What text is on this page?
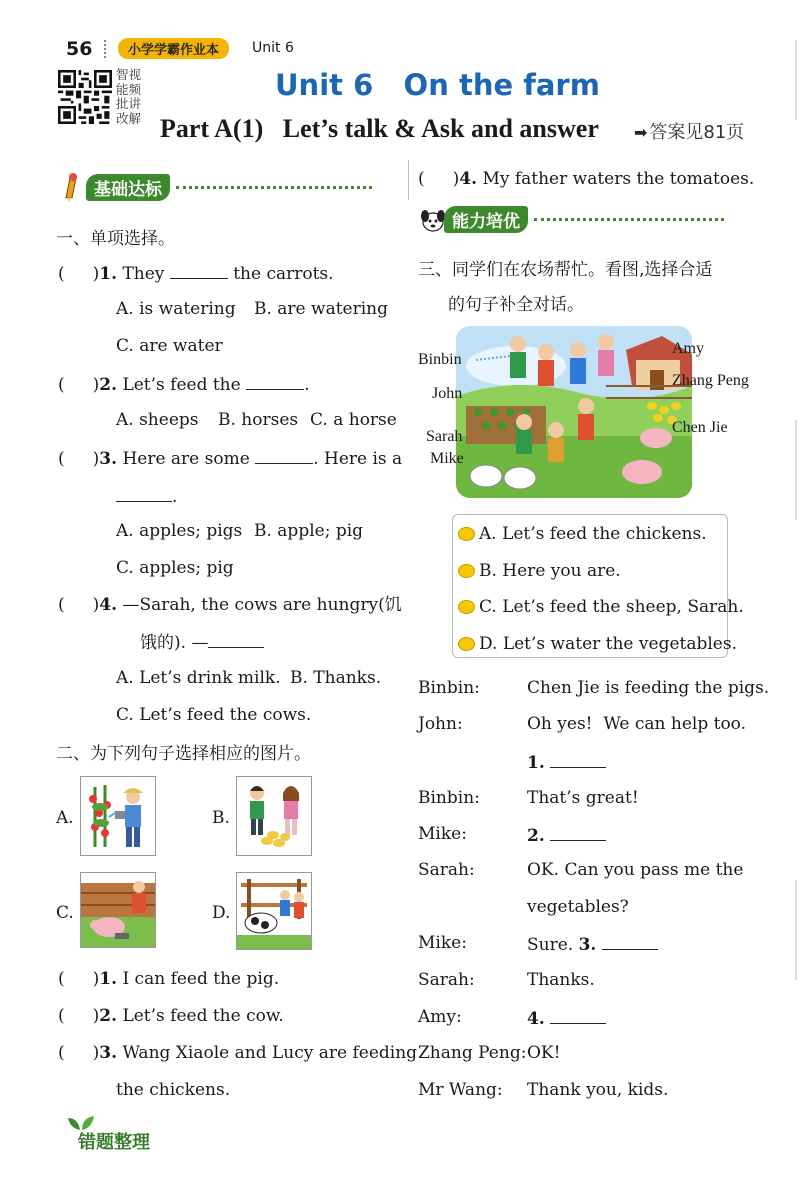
56	小学学霸作业本	Unit 6
智视能频批讲改解
Unit 6   On the farm
Part A(1)   Let’s talk & Ask and answer ➡ 答案见81页
基础达标
一、单项选择。
( )1. They	the carrots.
A. is watering B. are watering
C. are water
( )2. Let’s feed the	.
A. sheeps B. horses C. a horse
( )3. Here are some	. Here is a
.
A. apples; pigs B. apple; pig
C. apples; pig
( )4. —Sarah, the cows are hungry(饥
饿的). —
A. Let’s drink milk. B. Thanks.
C. Let’s feed the cows.
二、为下列句子选择相应的图片。
A.	B.
C.	D.
( )1. I can feed the pig.
( )2. Let’s feed the cow.
( )3. Wang Xiaole and Lucy are feeding
the chickens.
错题整理
( )4. My father waters the tomatoes.
能力培优
三、同学们在农场帮忙。看图,选择合适
的句子补全对话。
Binbin
John
Sarah
Mike
Amy
Zhang Peng
Chen Jie
A. Let’s feed the chickens.
B. Here you are.
C. Let’s feed the sheep, Sarah.
D. Let’s water the vegetables.
Binbin:	Chen Jie is feeding the pigs.
John:	Oh yes!  We can help too.
1.
Binbin:	That’s great!
Mike:	2.
Sarah:	OK. Can you pass me the
vegetables?
Mike:	Sure. 3.
Sarah:	Thanks.
Amy:	4.
Zhang Peng: OK!
Mr Wang: Thank you, kids.
